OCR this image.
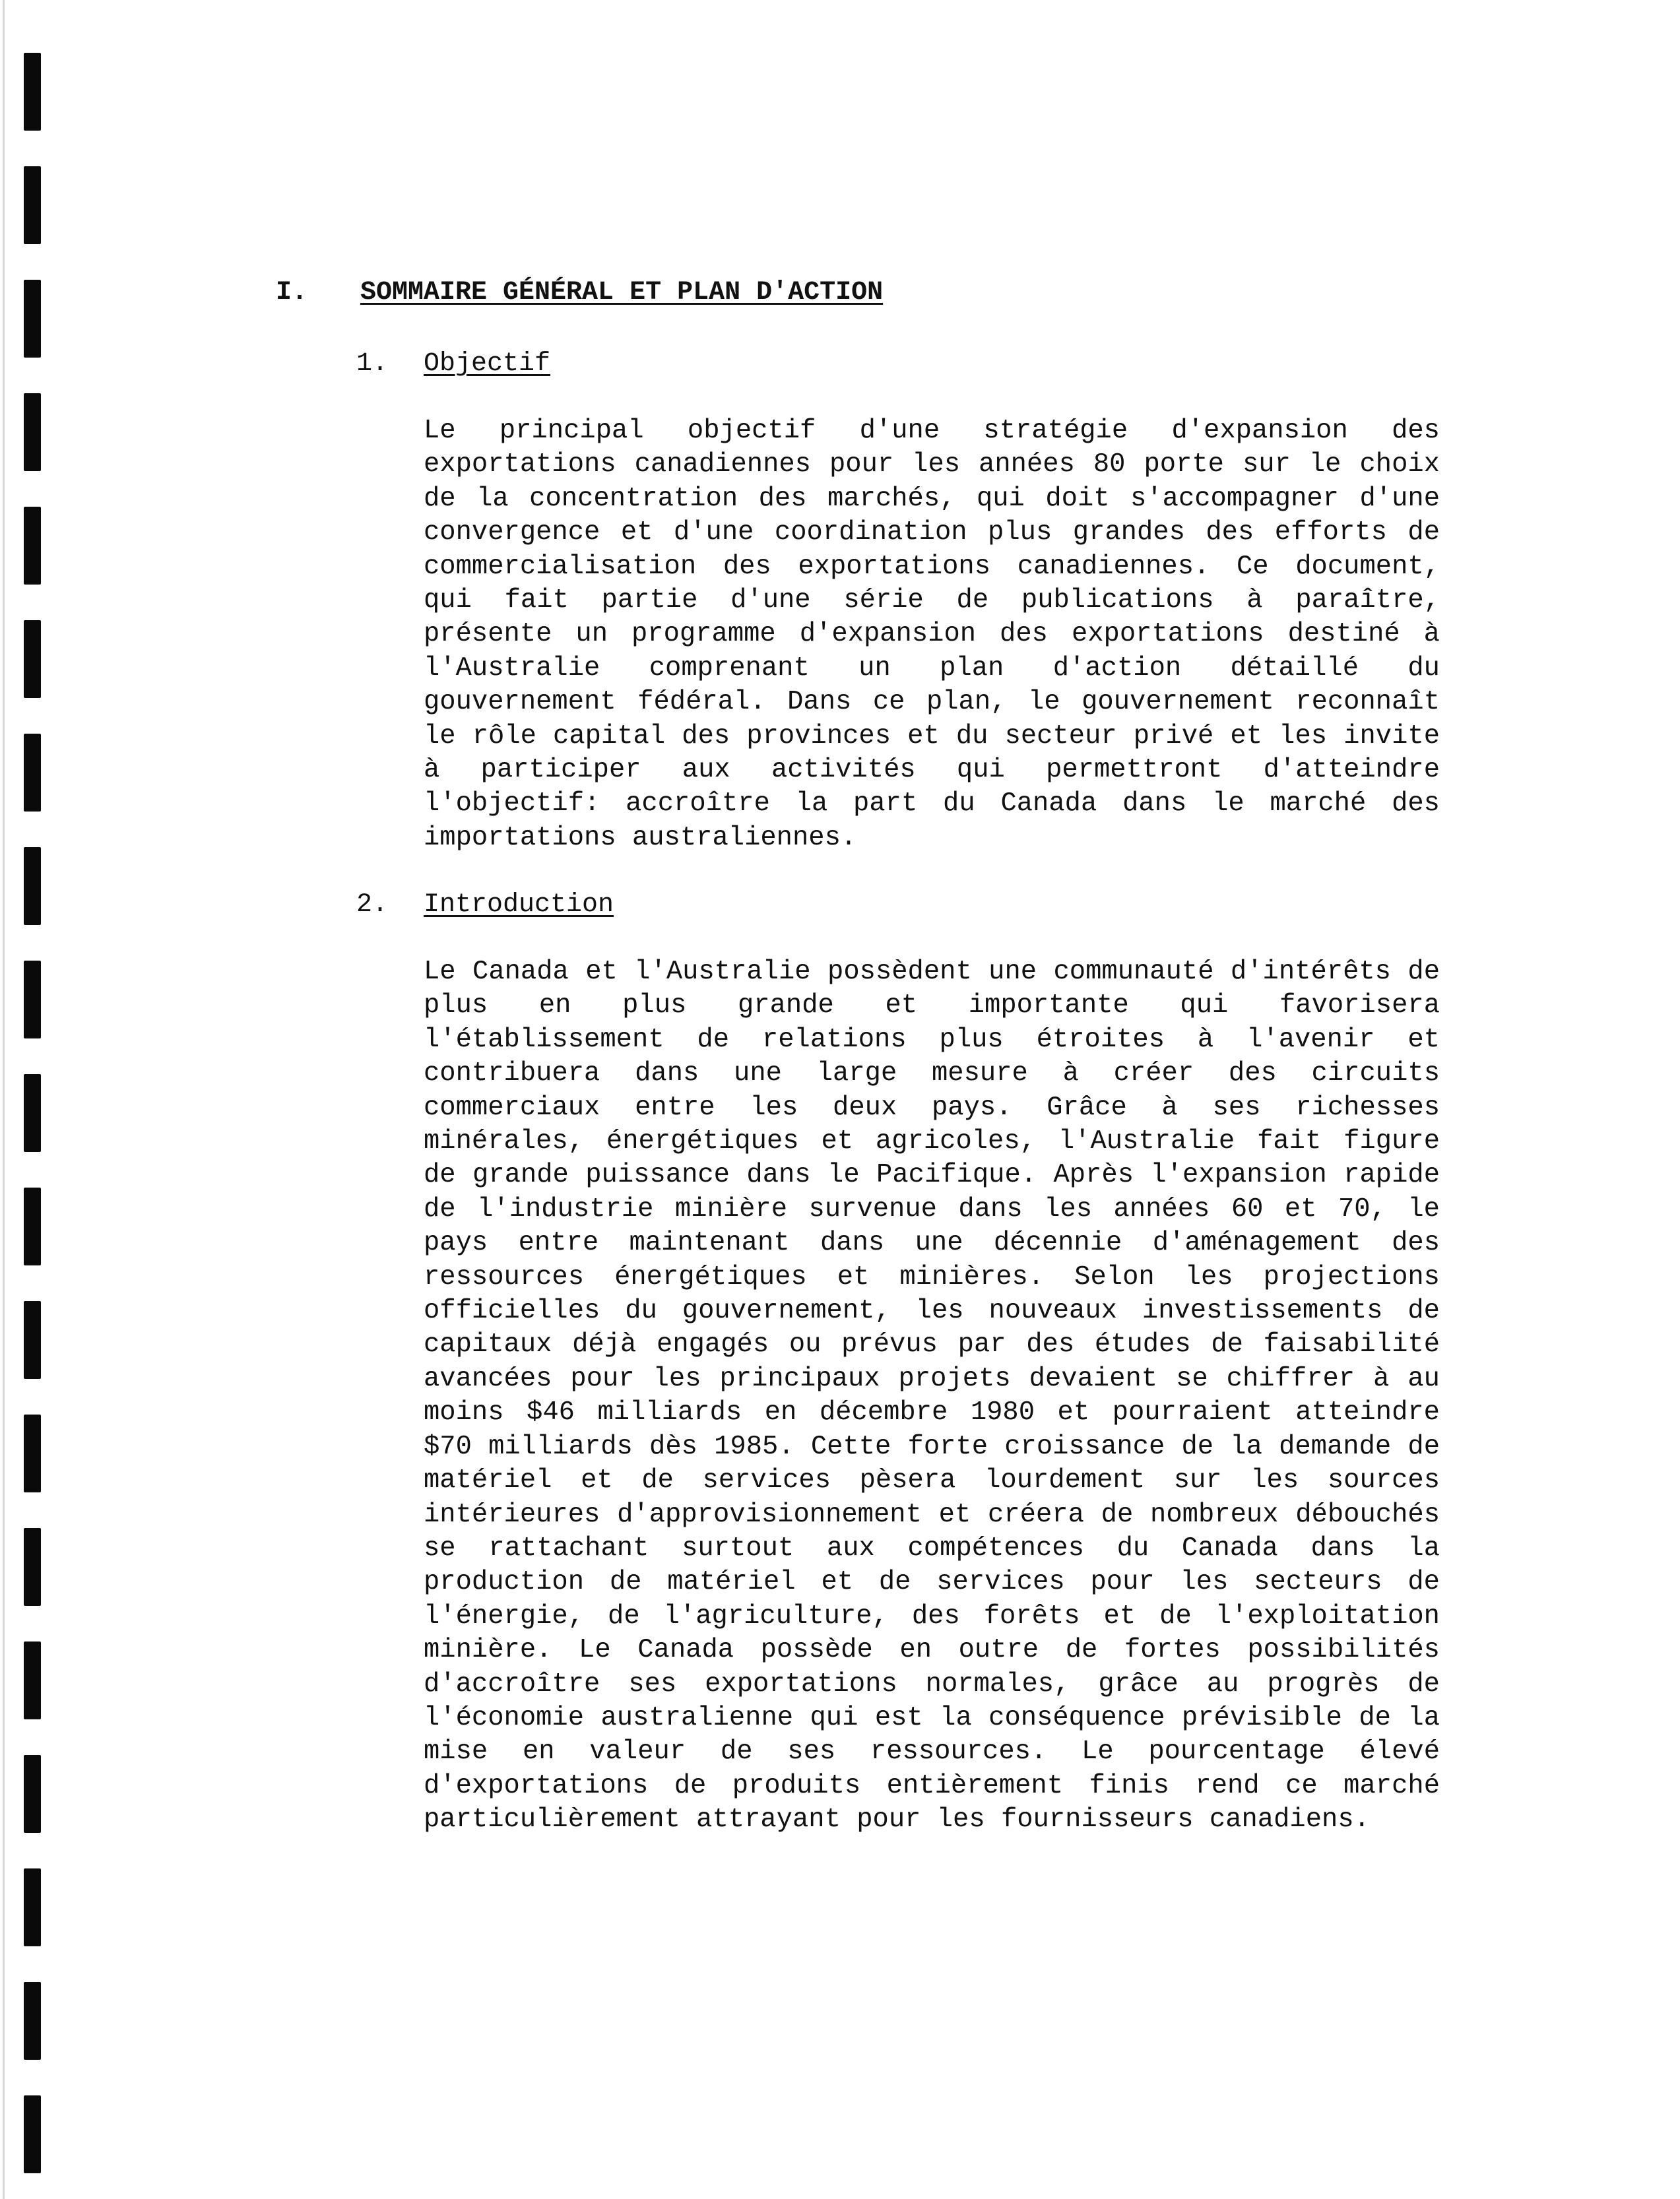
I. SOMMAIRE GÉNÉRAL ET PLAN D'ACTION
1. Objectif
Le principal objectif d'une stratégie d'expansion des exportations canadiennes pour les années 80 porte sur le choix de la concentration des marchés, qui doit s'accompagner d'une convergence et d'une coordination plus grandes des efforts de commercialisation des exportations canadiennes. Ce document, qui fait partie d'une série de publications à paraître, présente un programme d'expansion des exportations destiné à l'Australie comprenant un plan d'action détaillé du gouvernement fédéral. Dans ce plan, le gouvernement reconnaît le rôle capital des provinces et du secteur privé et les invite à participer aux activités qui permettront d'atteindre l'objectif: accroître la part du Canada dans le marché des importations australiennes.
2. Introduction
Le Canada et l'Australie possèdent une communauté d'intérêts de plus en plus grande et importante qui favorisera l'établissement de relations plus étroites à l'avenir et contribuera dans une large mesure à créer des circuits commerciaux entre les deux pays. Grâce à ses richesses minérales, énergétiques et agricoles, l'Australie fait figure de grande puissance dans le Pacifique. Après l'expansion rapide de l'industrie minière survenue dans les années 60 et 70, le pays entre maintenant dans une décennie d'aménagement des ressources énergétiques et minières. Selon les projections officielles du gouvernement, les nouveaux investissements de capitaux déjà engagés ou prévus par des études de faisabilité avancées pour les principaux projets devaient se chiffrer à au moins $46 milliards en décembre 1980 et pourraient atteindre $70 milliards dès 1985. Cette forte croissance de la demande de matériel et de services pèsera lourdement sur les sources intérieures d'approvisionnement et créera de nombreux débouchés se rattachant surtout aux compétences du Canada dans la production de matériel et de services pour les secteurs de l'énergie, de l'agriculture, des forêts et de l'exploitation minière. Le Canada possède en outre de fortes possibilités d'accroître ses exportations normales, grâce au progrès de l'économie australienne qui est la conséquence prévisible de la mise en valeur de ses ressources. Le pourcentage élevé d'exportations de produits entièrement finis rend ce marché particulièrement attrayant pour les fournisseurs canadiens.
